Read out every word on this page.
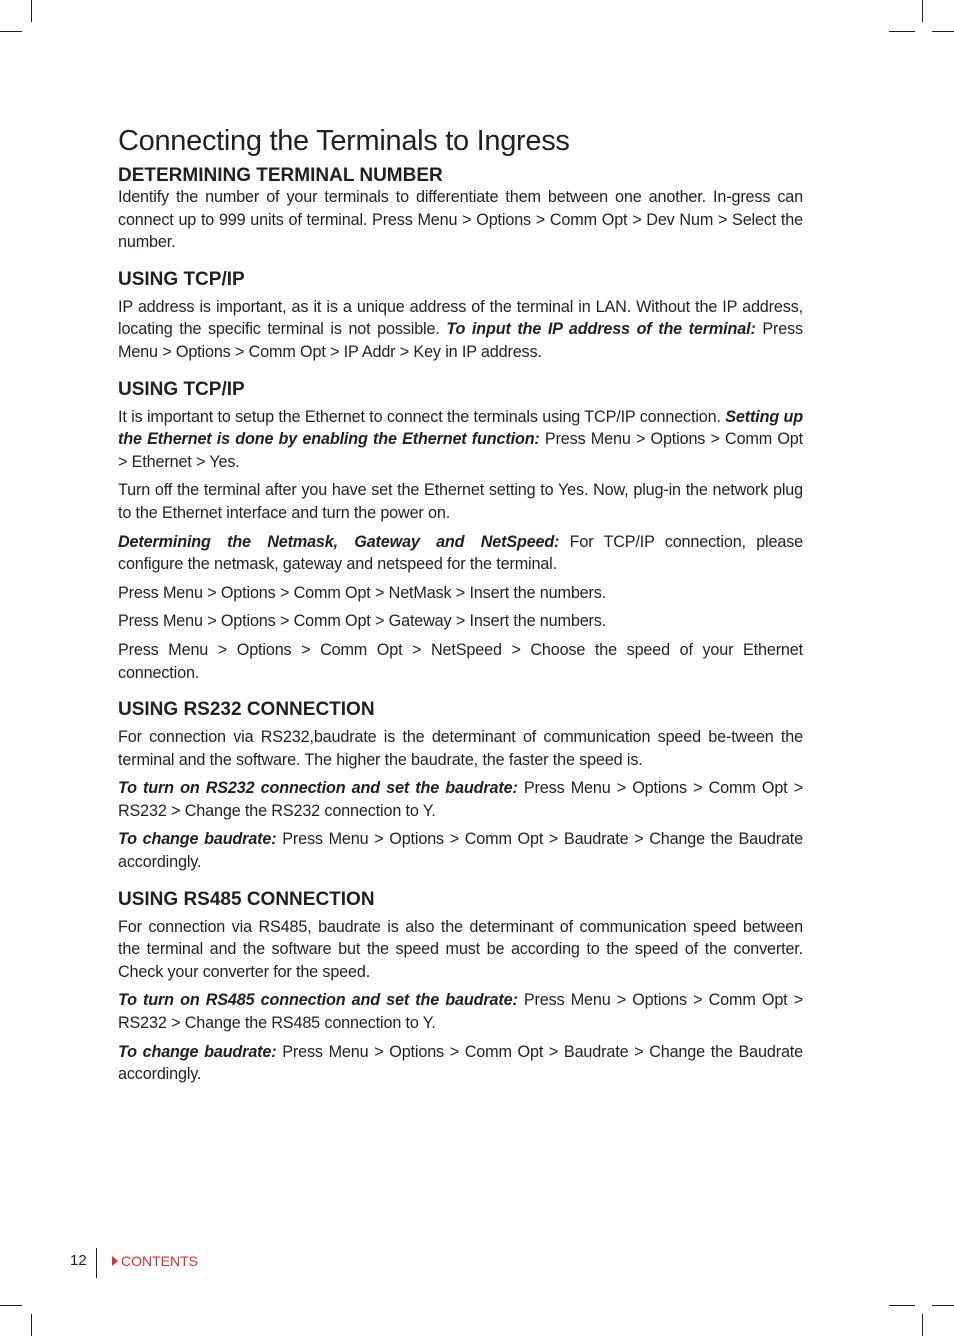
Connecting the Terminals to Ingress
DETERMINING TERMINAL NUMBER

Identify the number of your terminals to differentiate them between one another. In-gress can connect up to 999 units of terminal. Press Menu > Options > Comm Opt > Dev Num > Select the number.

USING TCP/IP

IP address is important, as it is a unique address of the terminal in LAN. Without the IP address, locating the specific terminal is not possible. To input the IP address of the terminal: Press Menu > Options > Comm Opt > IP Addr > Key in IP address.

USING TCP/IP

It is important to setup the Ethernet to connect the terminals using TCP/IP connection. Setting up the Ethernet is done by enabling the Ethernet function: Press Menu > Options > Comm Opt > Ethernet > Yes.

Turn off the terminal after you have set the Ethernet setting to Yes. Now, plug-in the network plug to the Ethernet interface and turn the power on.

Determining the Netmask, Gateway and NetSpeed: For TCP/IP connection, please configure the netmask, gateway and netspeed for the terminal.

Press Menu > Options > Comm Opt > NetMask > Insert the numbers.

Press Menu > Options > Comm Opt > Gateway > Insert the numbers.

Press Menu > Options > Comm Opt > NetSpeed > Choose the speed of your Ethernet connection.

USING RS232 CONNECTION

For connection via RS232,baudrate is the determinant of communication speed be-tween the terminal and the software. The higher the baudrate, the faster the speed is.

To turn on RS232 connection and set the baudrate: Press Menu > Options > Comm Opt > RS232 > Change the RS232 connection to Y.

To change baudrate: Press Menu > Options > Comm Opt > Baudrate > Change the Baudrate accordingly.

USING RS485 CONNECTION

For connection via RS485, baudrate is also the determinant of communication speed between the terminal and the software but the speed must be according to the speed of the converter. Check your converter for the speed.

To turn on RS485 connection and set the baudrate: Press Menu > Options > Comm Opt > RS232 > Change the RS485 connection to Y.

To change baudrate: Press Menu > Options > Comm Opt > Baudrate > Change the Baudrate accordingly.

12	CONTENTS
